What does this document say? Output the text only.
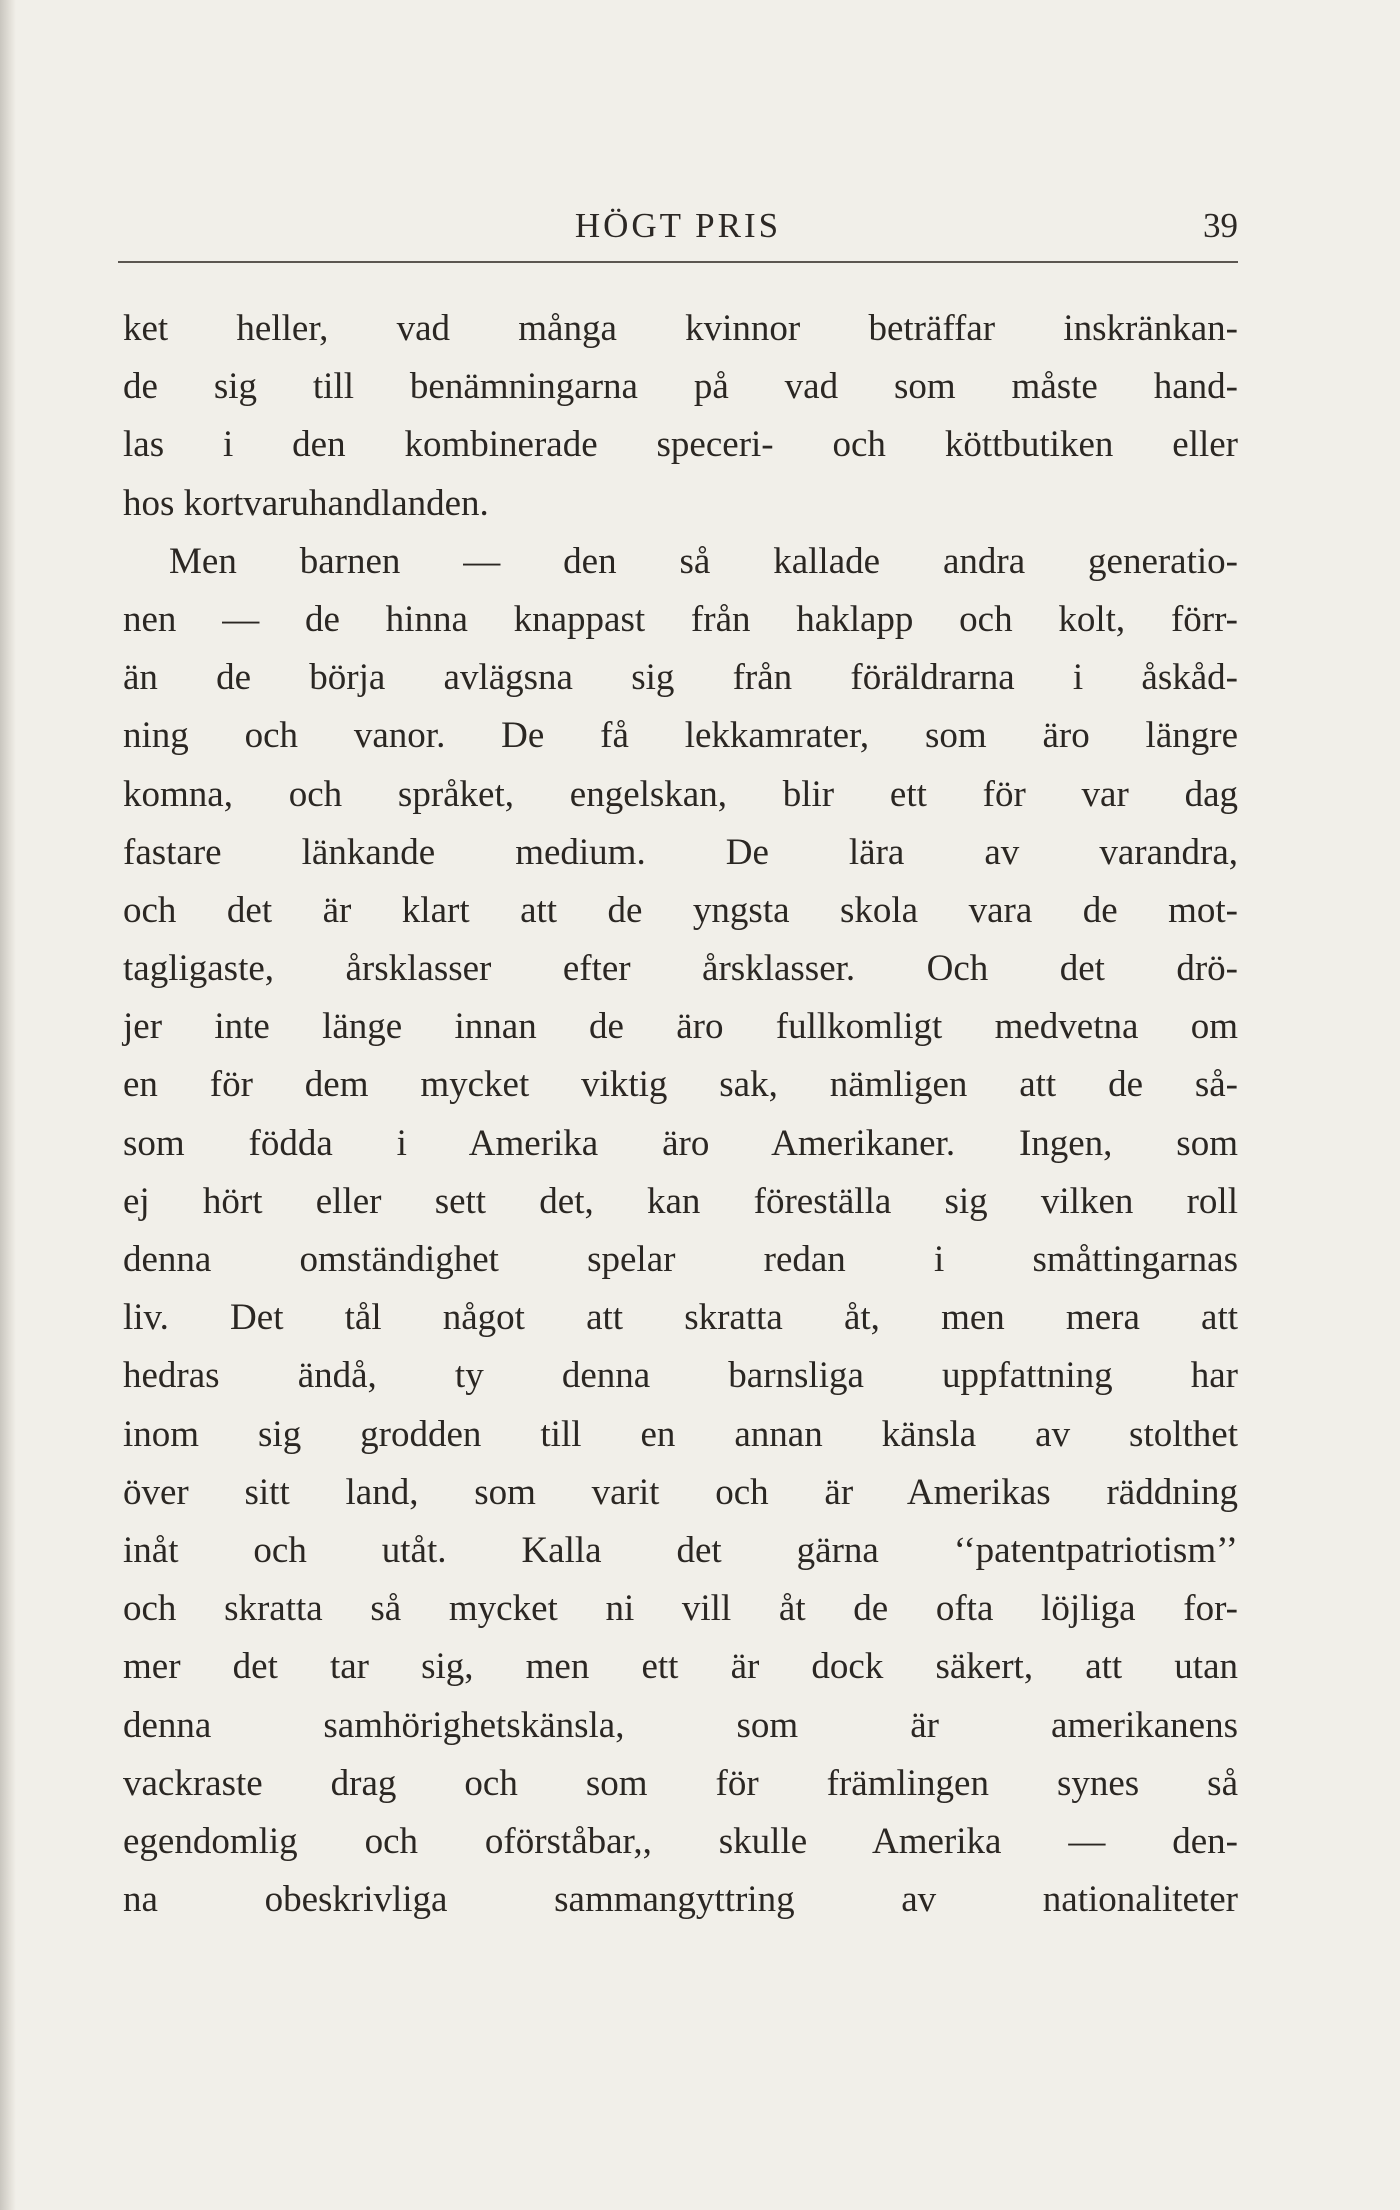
HÖGT PRIS	39
ket heller, vad många kvinnor beträffar inskränkan-
de sig till benämningarna på vad som måste hand-
las i den kombinerade speceri- och köttbutiken eller
hos kortvaruhandlanden.
Men barnen — den så kallade andra generatio-
nen — de hinna knappast från haklapp och kolt, förr-
än de börja avlägsna sig från föräldrarna i åskåd-
ning och vanor. De få lekkamrater, som äro längre
komna, och språket, engelskan, blir ett för var dag
fastare länkande medium. De lära av varandra,
och det är klart att de yngsta skola vara de mot-
tagligaste, årsklasser efter årsklasser. Och det drö-
jer inte länge innan de äro fullkomligt medvetna om
en för dem mycket viktig sak, nämligen att de så-
som födda i Amerika äro Amerikaner. Ingen, som
ej hört eller sett det, kan föreställa sig vilken roll
denna omständighet spelar redan i småttingarnas
liv. Det tål något att skratta åt, men mera att
hedras ändå, ty denna barnsliga uppfattning har
inom sig grodden till en annan känsla av stolthet
över sitt land, som varit och är Amerikas räddning
inåt och utåt. Kalla det gärna ‘‘patentpatriotism’’
och skratta så mycket ni vill åt de ofta löjliga for-
mer det tar sig, men ett är dock säkert, att utan
denna samhörighetskänsla, som är amerikanens
vackraste drag och som för främlingen synes så
egendomlig och oförståbar,, skulle Amerika — den-
na obeskrivliga sammangyttring av nationaliteter
